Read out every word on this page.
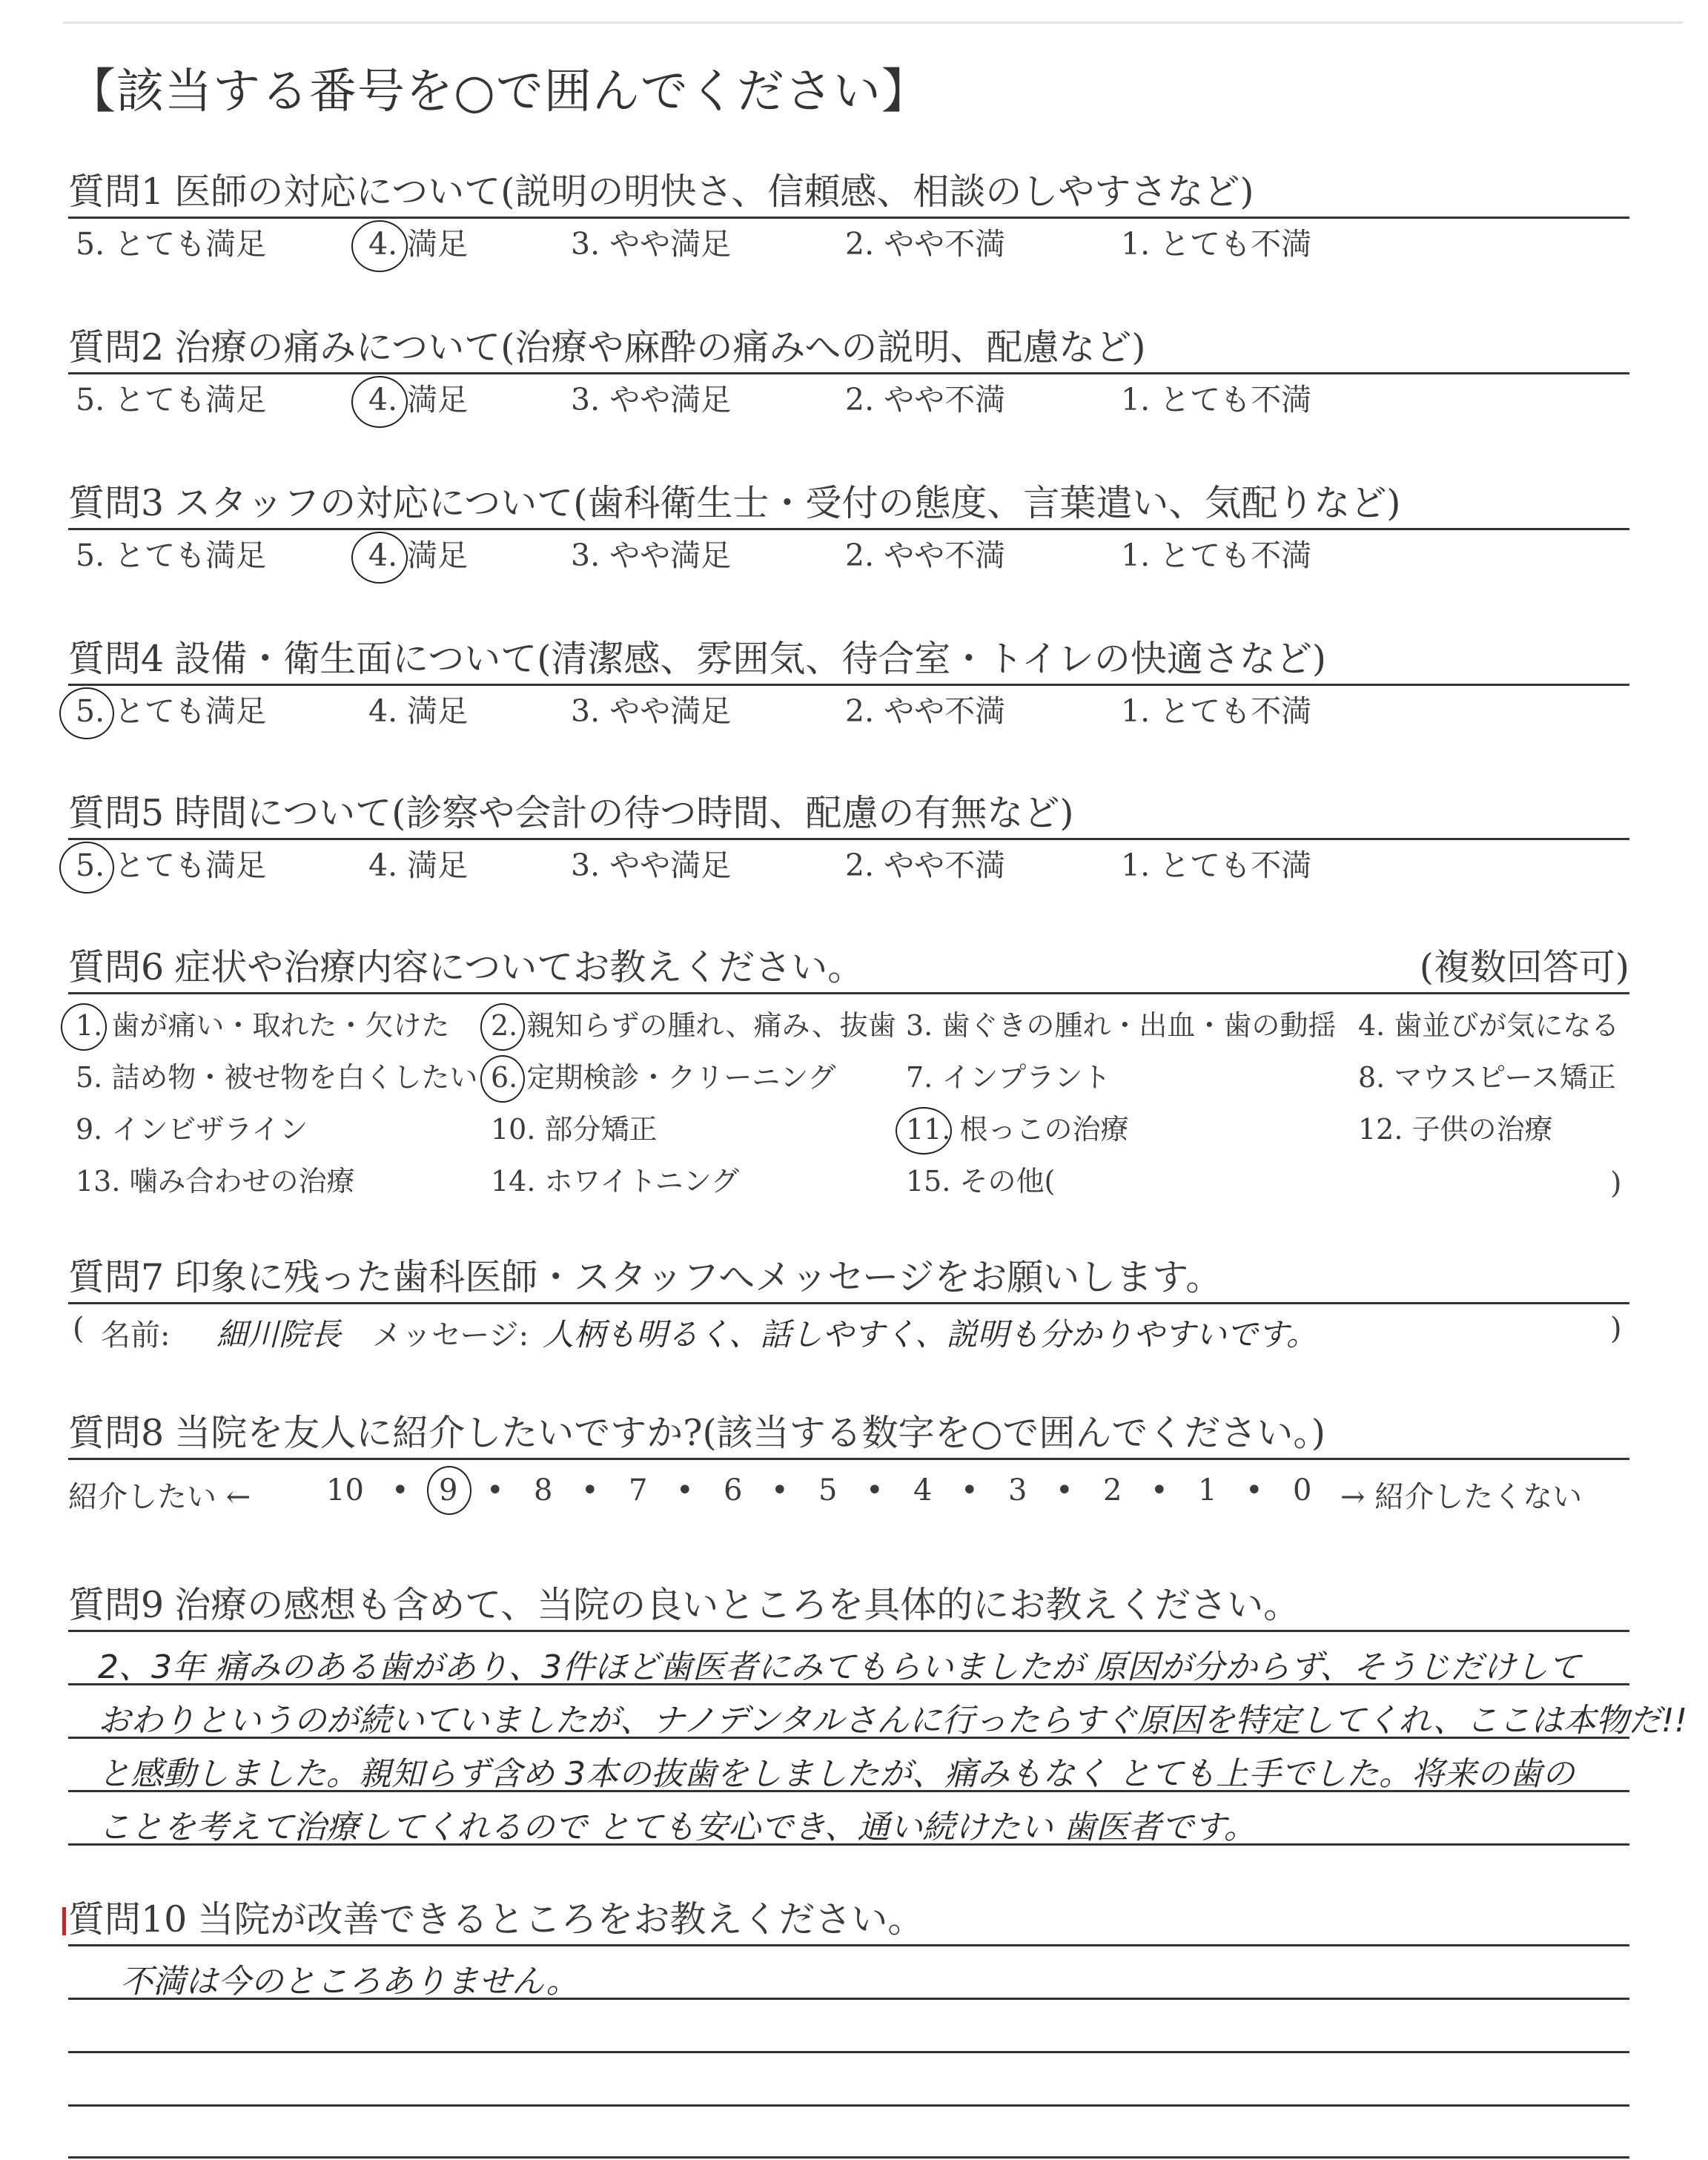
【該当する番号を○で囲んでください】
質問1 医師の対応について(説明の明快さ、信頼感、相談のしやすさなど)
5. とても満足	4. 満足	3. やや満足	2. やや不満	1. とても不満
質問2 治療の痛みについて(治療や麻酔の痛みへの説明、配慮など)
5. とても満足	4. 満足	3. やや満足	2. やや不満	1. とても不満
質問3 スタッフの対応について(歯科衛生士・受付の態度、言葉遣い、気配りなど)
5. とても満足	4. 満足	3. やや満足	2. やや不満	1. とても不満
質問4 設備・衛生面について(清潔感、雰囲気、待合室・トイレの快適さなど)
5. とても満足	4. 満足	3. やや満足	2. やや不満	1. とても不満
質問5 時間について(診察や会計の待つ時間、配慮の有無など)
5. とても満足	4. 満足	3. やや満足	2. やや不満	1. とても不満
質問6 症状や治療内容についてお教えください。	(複数回答可)
1. 歯が痛い・取れた・欠けた 2. 親知らずの腫れ、痛み、抜歯 3. 歯ぐきの腫れ・出血・歯の動揺 4. 歯並びが気になる
5. 詰め物・被せ物を白くしたい 6. 定期検診・クリーニング 7. インプラント	8. マウスピース矯正
9. インビザライン	10. 部分矯正	11. 根っこの治療	12. 子供の治療
13. 噛み合わせの治療	14. ホワイトニング	15. その他(	)
質問7 印象に残った歯科医師・スタッフへメッセージをお願いします。
( 名前: 細川院長 メッセージ: 人柄も明るく、話しやすく、説明も分かりやすいです。	)
質問8 当院を友人に紹介したいですか?(該当する数字を○で囲んでください。)
紹介したい ←	10 • 9 • 8 • 7 • 6 • 5 • 4 • 3 • 2 • 1 • 0 → 紹介したくない
質問9 治療の感想も含めて、当院の良いところを具体的にお教えください。
2、3年 痛みのある歯があり、3件ほど歯医者にみてもらいましたが 原因が分からず、そうじだけして
おわりというのが続いていましたが、ナノデンタルさんに行ったらすぐ原因を特定してくれ、ここは本物だ!!
と感動しました。親知らず含め 3本の抜歯をしましたが、痛みもなく とても上手でした。将来の歯の
ことを考えて治療してくれるので とても安心でき、通い続けたい 歯医者です。
質問10 当院が改善できるところをお教えください。
不満は今のところありません。
